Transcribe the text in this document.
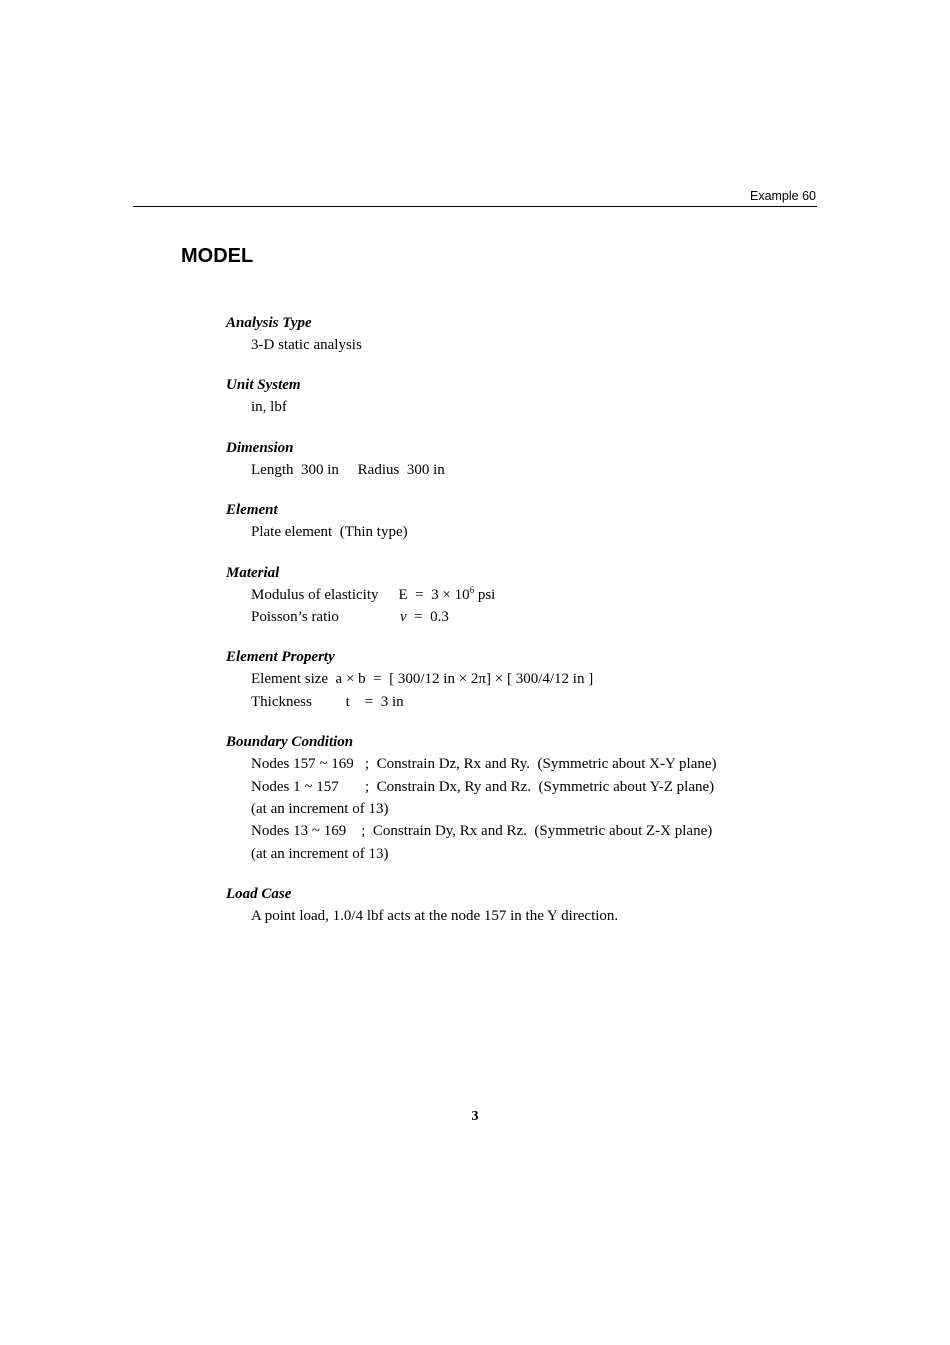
Example 60
MODEL
Analysis Type
3-D static analysis
Unit System
in, lbf
Dimension
Length  300 in     Radius  300 in
Element
Plate element  (Thin type)
Material
Modulus of elasticity $E = 3 \times 10^6$ psi
Poisson’s ratio	ν  =  0.3
Element Property
Element size  a × b  =  [ 300/12 in × 2π] × [ 300/4/12 in ]
Thickness         t    =  3 in
Boundary Condition
Nodes 157 ~ 169   ;  Constrain Dz, Rx and Ry.  (Symmetric about X-Y plane)
Nodes 1 ~ 157       ;  Constrain Dx, Ry and Rz.  (Symmetric about Y-Z plane)
(at an increment of 13)
Nodes 13 ~ 169    ;  Constrain Dy, Rx and Rz.  (Symmetric about Z-X plane)
(at an increment of 13)
Load Case
A point load, 1.0/4 lbf acts at the node 157 in the Y direction.
3
